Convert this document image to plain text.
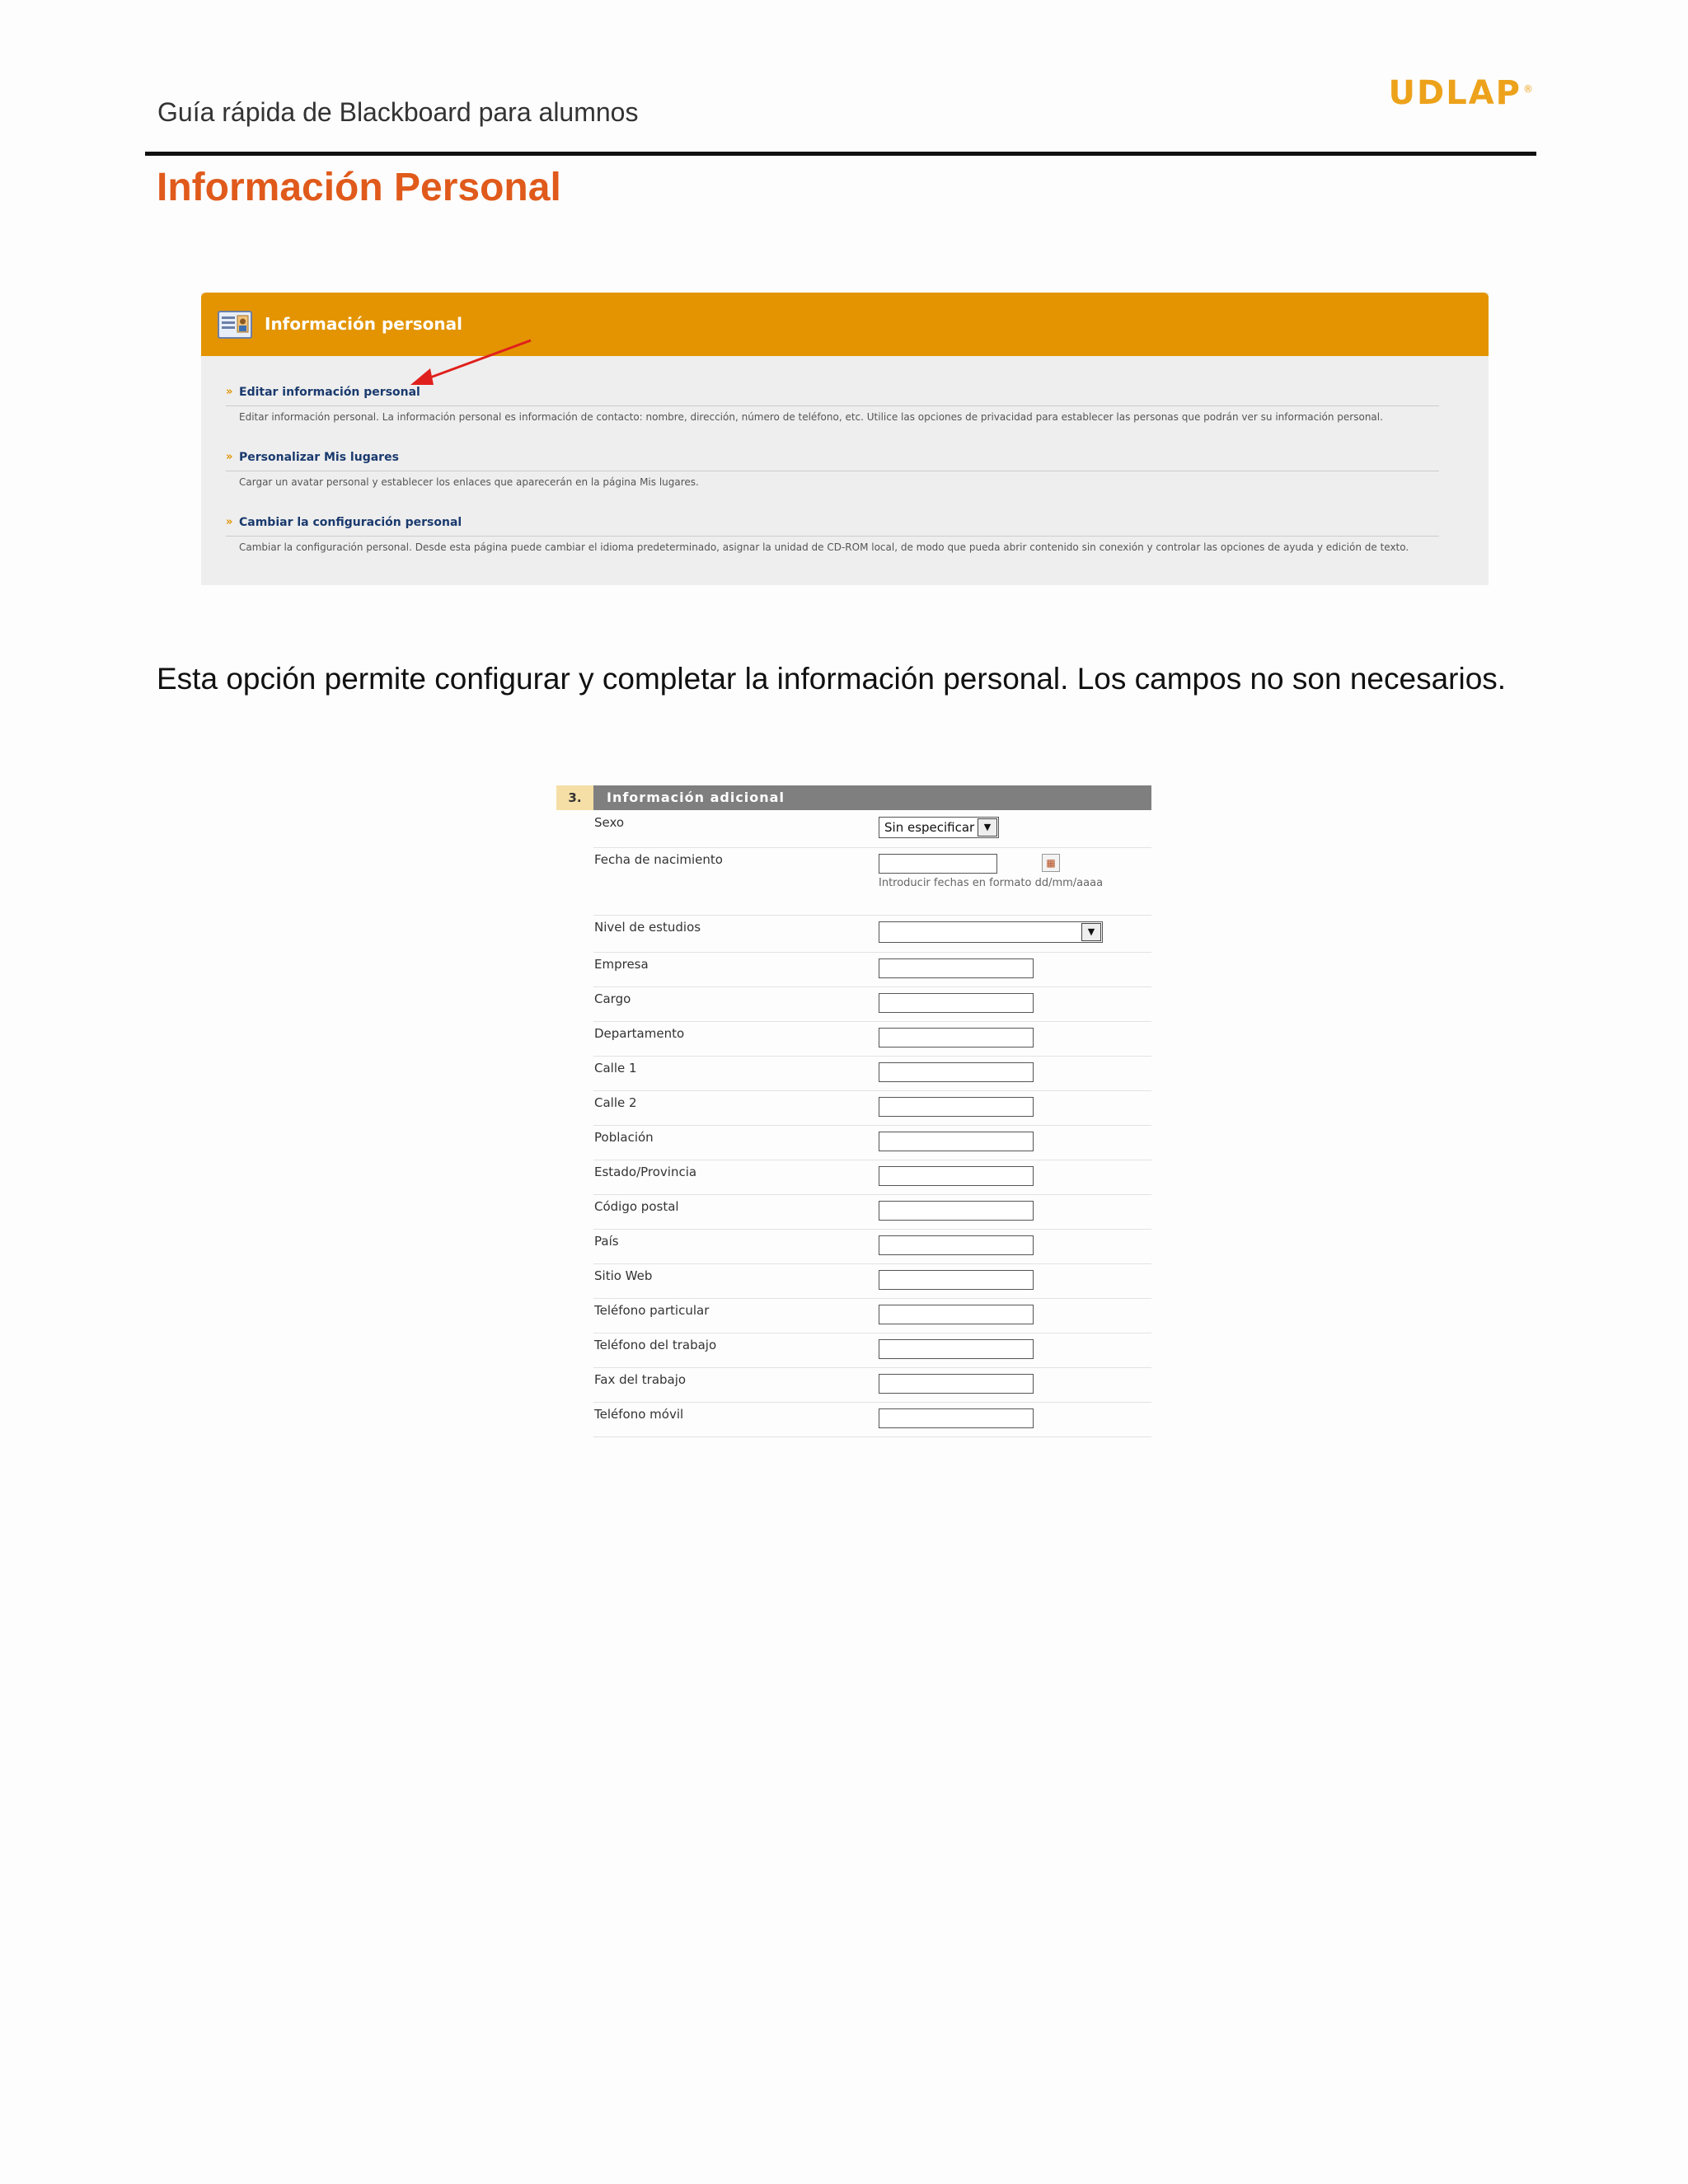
Guía rápida de Blackboard para alumnos	UDLAP ®
Información Personal
Información personal
» Editar información personal
Editar información personal. La información personal es información de contacto: nombre, dirección, número de teléfono, etc. Utilice las opciones de privacidad para establecer las personas que podrán ver su información personal.
» Personalizar Mis lugares
Cargar un avatar personal y establecer los enlaces que aparecerán en la página Mis lugares.
» Cambiar la configuración personal
Cambiar la configuración personal. Desde esta página puede cambiar el idioma predeterminado, asignar la unidad de CD-ROM local, de modo que pueda abrir contenido sin conexión y controlar las opciones de ayuda y edición de texto.

Esta opción permite configurar y completar la información personal. Los campos no son necesarios.

3.	Información adicional
Sexo	Sin especificar	▼
Fecha de nacimiento	▦
Introducir fechas en formato dd/mm/aaaa
Nivel de estudios	▼
Empresa
Cargo
Departamento
Calle 1
Calle 2
Población
Estado/Provincia
Código postal
País
Sitio Web
Teléfono particular
Teléfono del trabajo
Fax del trabajo
Teléfono móvil
